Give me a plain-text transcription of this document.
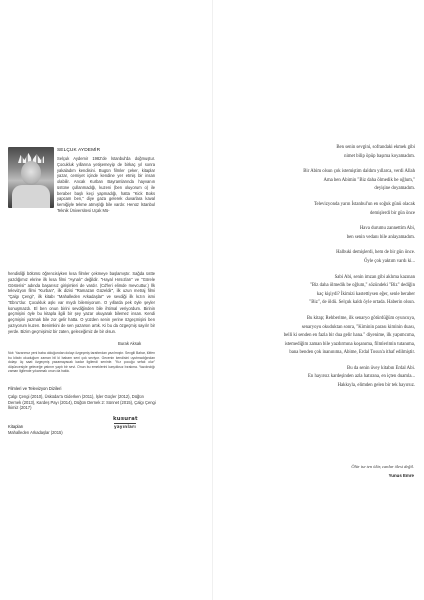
SELÇUK AYDEMİR

Selçuk Aydemir 1982'de İstanbul'da doğmuştur. Çocukluk yıllarına yetişemeyip de birkaç yıl sonra yakaladım kendisini. Bugün filmler çeker, kitaplar yazar, cemiyet içinde kendine yer etmiş bir insan olabilir. Ancak Kurban Bayramlarında hayvanın üstüne çullanmadığı, kuzeni (ben oluyorum o) ile beraber başlı keçi yapmadığı, hatta "Kick Boks yapcam ben," diye gaza gelerek duvarlara kaval kemiğiyle tekme atmışlığı bile vardır. Henüz İstanbul Teknik Üniversitesi Uçak Mü-

hendisliği bölümü öğrencisiyken kısa filmler çekmeye başlamıştır. Sağda üstte yazdığımız ekrine ilk kısa filmi "Aynalı" değildir. "Hayal Hırsızları" ve "Görele Gösterisi" adında başarısız girişimleri de vardır. (Cd'leri elimde mevcuttur.) İlk televizyon filmi "Kurban", ilk dizisi "Ramazan Güzeldir", ilk uzun metraj filmi "Çalgı Çengi", ilk kitabı "Mahalleden Arkadaşlar" ve sevdiği ilk kızın ismi "Ebru"dur. Çocukluk aşkı var mıydı bilemiyorum. O yıllarda pek öyle şeyler konuşmazdı. El ben onun birini sevdiğinden bile ihtimal veriyordum. Birinin geçmişini öyle bu kitapla ilgili bir şey yazar okuyarak bilemez insan. Kendi geçmişini yazmak bile zor gelir hatta. O yüzden senin yerine özgeçmişini ben yazıyorum kuzen. Benimkini de sen yazarsın artık. Ki bu da özgeçmiş sayılır bir yerde. Bizim geçmişimiz bir zaten, geleceğimiz de bir olsun.

Burak Aksak

Not: Yazarımız yeni baba olduğundan dolayı özgeçmiş tarafımdan yazılmıştır. Sevgili Bahar, lütfen bu kitabı okuduğum zaman bil ki babam seni çok seviyor. Gecenin kendisini uyutmadığından dolayı üç saat özgeçmiş yazamayacak kadar ilgilendi seninle. "Kız çocuğu sefalı olur" düşüncesiyle geleceğe yatırım yaptı bir sevi. Onun bu emeklerini karşılıksız bırakma. Yazdındığı zaman ilgilende yıkanmak onun da hakkı.

Filmleri ve Televizyon Dizileri

Çalgı Çengi (2010), Üsküdar'a Giderken (2011), İşler Güçler (2012), Düğün Dernek (2013), Kardeş Payı (2014), Düğün Dernek 2: Sünnet (2015), Çalgı Çengi İkimiz (2017)

Kitapları
Mahalleden Arkadaşlar (2015)
kusurat
yayınları

Ben senin sevgini, sofrandaki ekmek gibi
nimet bilip öpüp başıma koyamadım.

Bir Abim olsun çok istemiştim daldım yıllarca, verdi Allah
Ama ben Abimin "Biz daha ölmedik be oğlum,"
deyişine doyamadım.

Televizyonda yarın İstanbul'un en soğuk günü olacak
demişlerdi bir gün önce

Hava durumu zannettim Abi,
ben senin vedanı bile anlayamadım.

Halbuki demişlerdi, hem de bir gün önce.
Öyle çok yaktım vardı ki...

Sabi Abi, senin imzan gibi aklıma kazınan
"Biz daha ölmedik be oğlum," sözündeki "Biz" dediğin
kaç kişiydi? İkimizi kastettiysen eğer, senle beraber
"Biz", de öldü. Selçuk kaldı öyle ortada. Haberin olsun.

Bu kitap; Rehberime, ilk senaryo götürdüğüm oyuncuya,
senaryoyu okuduktan sonra, "Kiminin parası kiminin duası,
belli ki senden en fazla bir dua gelir hana." diyenime, ilk yapımcıma,
istemediğim zaman bile yazdırmına koşanıma, filmlerimin tutanıma,
bana benden çok inanınıma, Abime, Erdal Tosun'a ithaf edilmiştir.

Bu da senin üvey kitabın Erdal Abi.
En hayırsız kardeşinden azla hatırana, en içten duamla...
Hakkıyla, elimden gelen bir tek hayırsız.

Ölür ise ten ölür, canlar ölesi değil.
Yunus Emre
